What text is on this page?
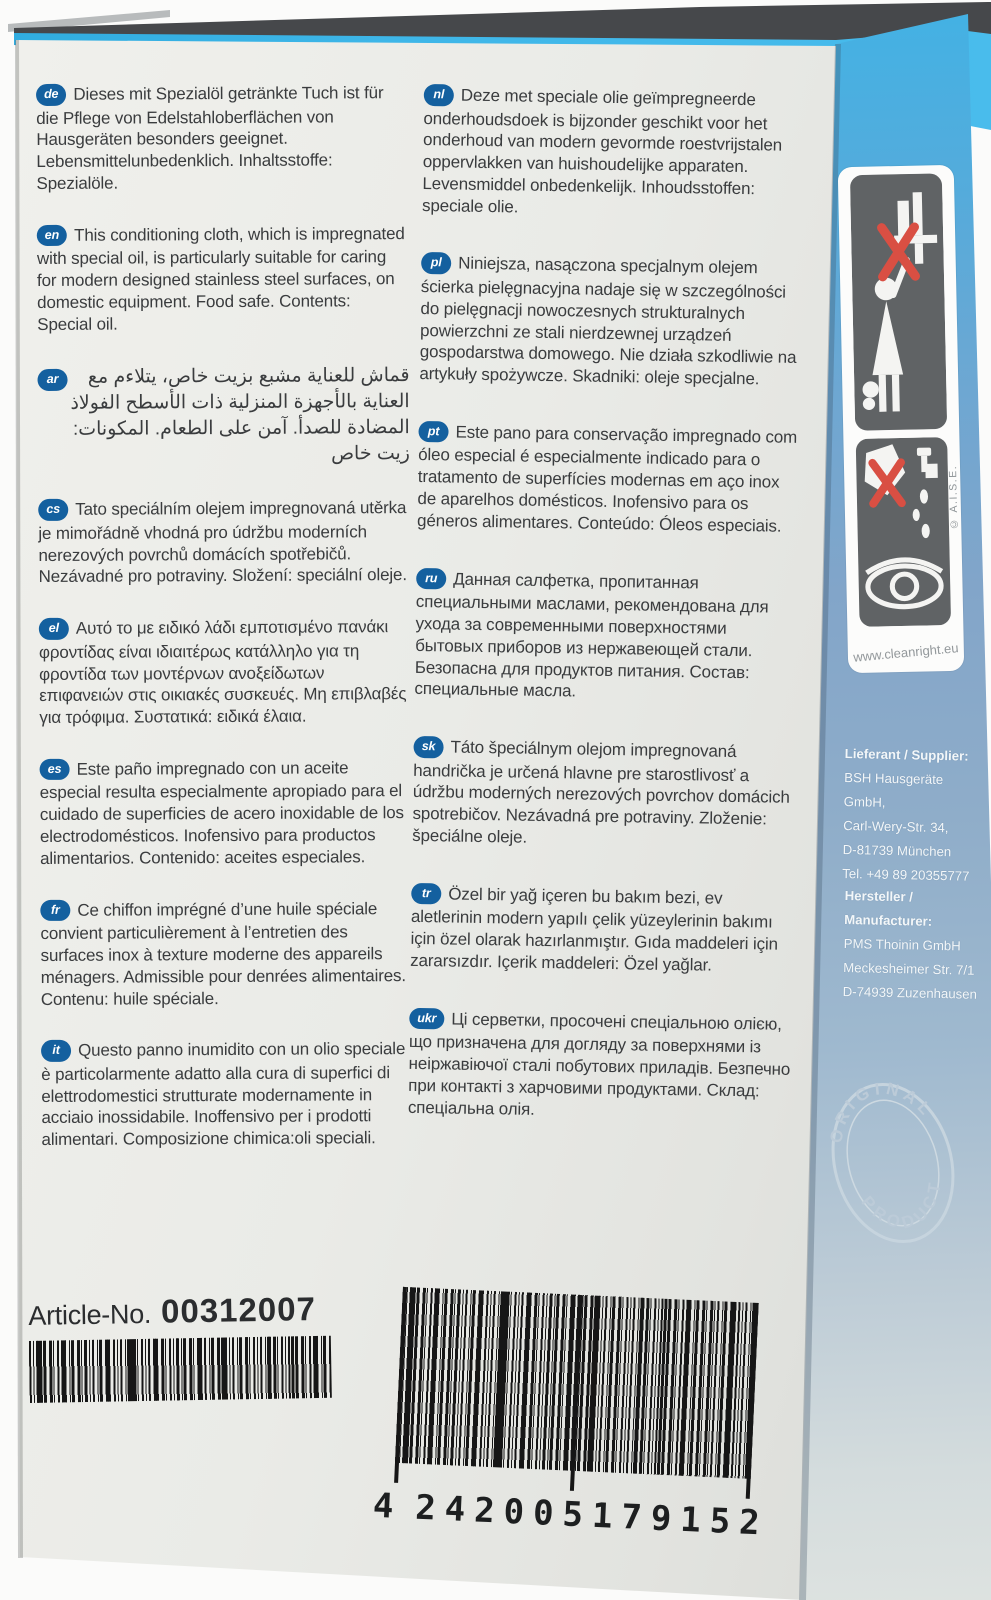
de Dieses mit Spezialöl getränkte Tuch ist für die Pflege von Edelstahloberflächen von Hausgeräten besonders geeignet. Lebensmittelunbedenklich. Inhaltsstoffe: Spezialöle.
en This conditioning cloth, which is impregnated with special oil, is particularly suitable for caring for modern designed stainless steel surfaces, on domestic equipment. Food safe. Contents: Special oil.
ar	قماش للعناية مشبع بزيت خاص، يتلاءم مع العناية بالأجهزة المنزلية ذات الأسطح الفولاذ المضادة للصدأ. آمن على الطعام. المكونات: زيت خاص
cs Tato speciálním olejem impregnovaná utěrka je mimořádně vhodná pro údržbu moderních nerezových povrchů domácích spotřebičů. Nezávadné pro potraviny. Složení: speciální oleje.
el Αυτό το με ειδικό λάδι εμποτισμένο πανάκι φροντίδας είναι ιδιαιτέρως κατάλληλο για τη φροντίδα των μοντέρνων ανοξείδωτων επιφανειών στις οικιακές συσκευές. Μη επιβλαβές για τρόφιμα. Συστατικά: ειδικά έλαια.
es Este paño impregnado con un aceite especial resulta especialmente apropiado para el cuidado de superficies de acero inoxidable de los electrodomésticos. Inofensivo para productos alimentarios. Contenido: aceites especiales.
fr Ce chiffon imprégné d’une huile spéciale convient particulièrement à l’entretien des surfaces inox à texture moderne des appareils ménagers. Admissible pour denrées alimentaires. Contenu: huile spéciale.
it Questo panno inumidito con un olio speciale è particolarmente adatto alla cura di superfici di elettrodomestici strutturate modernamente in acciaio inossidabile. Inoffensivo per i prodotti alimentari. Composizione chimica:oli speciali.
nl Deze met speciale olie geïmpregneerde onderhoudsdoek is bijzonder geschikt voor het onderhoud van modern gevormde roestvrijstalen oppervlakken van huishoudelijke apparaten. Levensmiddel onbedenkelijk. Inhoudsstoffen: speciale olie.
pl Niniejsza, nasączona specjalnym olejem ścierka pielęgnacyjna nadaje się w szczególności do pielęgnacji nowoczesnych strukturalnych powierzchni ze stali nierdzewnej urządzeń gospodarstwa domowego. Nie działa szkodliwie na artykuły spożywcze. Skadniki: oleje specjalne.
pt Este pano para conservação impregnado com óleo especial é especialmente indicado para o tratamento de superfícies modernas em aço inox de aparelhos domésticos. Inofensivo para os géneros alimentares. Conteúdo: Óleos especiais.
ru Данная салфетка, пропитанная специальными маслами, рекомендована для ухода за современными поверхностями бытовых приборов из нержавеющей стали. Безопасна для продуктов питания. Состав: специальные масла.
sk Táto špeciálnym olejom impregnovaná handrička je určená hlavne pre starostlivosť a údržbu moderných nerezových povrchov domácich spotrebičov. Nezávadná pre potraviny. Zloženie: špeciálne oleje.
tr Özel bir yağ içeren bu bakım bezi, ev aletlerinin modern yapılı çelik yüzeylerinin bakımı için özel olarak hazırlanmıştır. Gıda maddeleri için zararsızdır. Içerik maddeleri: Özel yağlar.
ukr Ці серветки, просочені спеціальною олією, що призначена для догляду за поверхнями із неіржавіючої сталі побутових приладів. Безпечно при контакті з харчовими продуктами. Склад: спеціальна олія.
© A.I.S.E.
www.cleanright.eu
Lieferant / Supplier:
BSH Hausgeräte GmbH,
Carl-Wery-Str. 34,
D-81739 München
Tel. +49 89 20355777
Hersteller / Manufacturer:
PMS Thoinin GmbH
Meckesheimer Str. 7/1
D-74939 Zuzenhausen
ORIGINAL
PRODUCT
Article-No. 00312007
4 242005
179152
